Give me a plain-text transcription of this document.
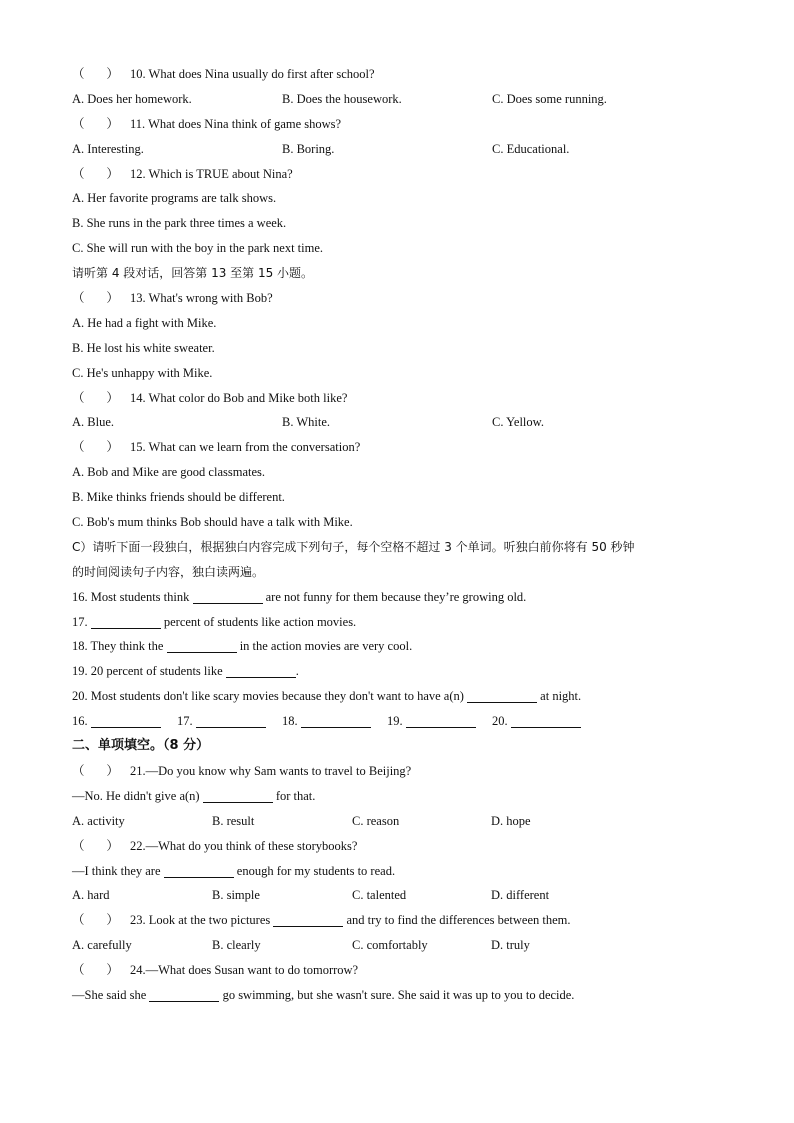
（       ） 10. What does Nina usually do first after school?
A. Does her homework.	B. Does the housework.	C. Does some running.
（       ） 11. What does Nina think of game shows?
A. Interesting.	B. Boring.	C. Educational.
（       ） 12. Which is TRUE about Nina?
A. Her favorite programs are talk shows.
B. She runs in the park three times a week.
C. She will run with the boy in the park next time.
请听第 4 段对话，回答第 13 至第 15 小题。
（       ） 13. What's wrong with Bob?
A. He had a fight with Mike.
B. He lost his white sweater.
C. He's unhappy with Mike.
（       ） 14. What color do Bob and Mike both like?
A. Blue.	B. White.	C. Yellow.
（       ） 15. What can we learn from the conversation?
A. Bob and Mike are good classmates.
B. Mike thinks friends should be different.
C. Bob's mum thinks Bob should have a talk with Mike.
C）请听下面一段独白，根据独白内容完成下列句子，每个空格不超过 3 个单词。听独白前你将有 50 秒钟
的时间阅读句子内容，独白读两遍。
16. Most students think	are not funny for them because they’re growing old.
17.	percent of students like action movies.
18. They think the	in the action movies are very cool.
19. 20 percent of students like	.
20. Most students don't like scary movies because they don't want to have a(n)	at night.
16.	17.	18.	19.	20.
二、单项填空。（8 分）
（       ） 21.—Do you know why Sam wants to travel to Beijing?
—No. He didn't give a(n)	for that.
A. activity	B. result	C. reason	D. hope
（       ） 22.—What do you think of these storybooks?
—I think they are	enough for my students to read.
A. hard	B. simple	C. talented	D. different
（       ） 23. Look at the two pictures	and try to find the differences between them.
A. carefully	B. clearly	C. comfortably	D. truly
（       ） 24.—What does Susan want to do tomorrow?
—She said she	go swimming, but she wasn't sure. She said it was up to you to decide.
